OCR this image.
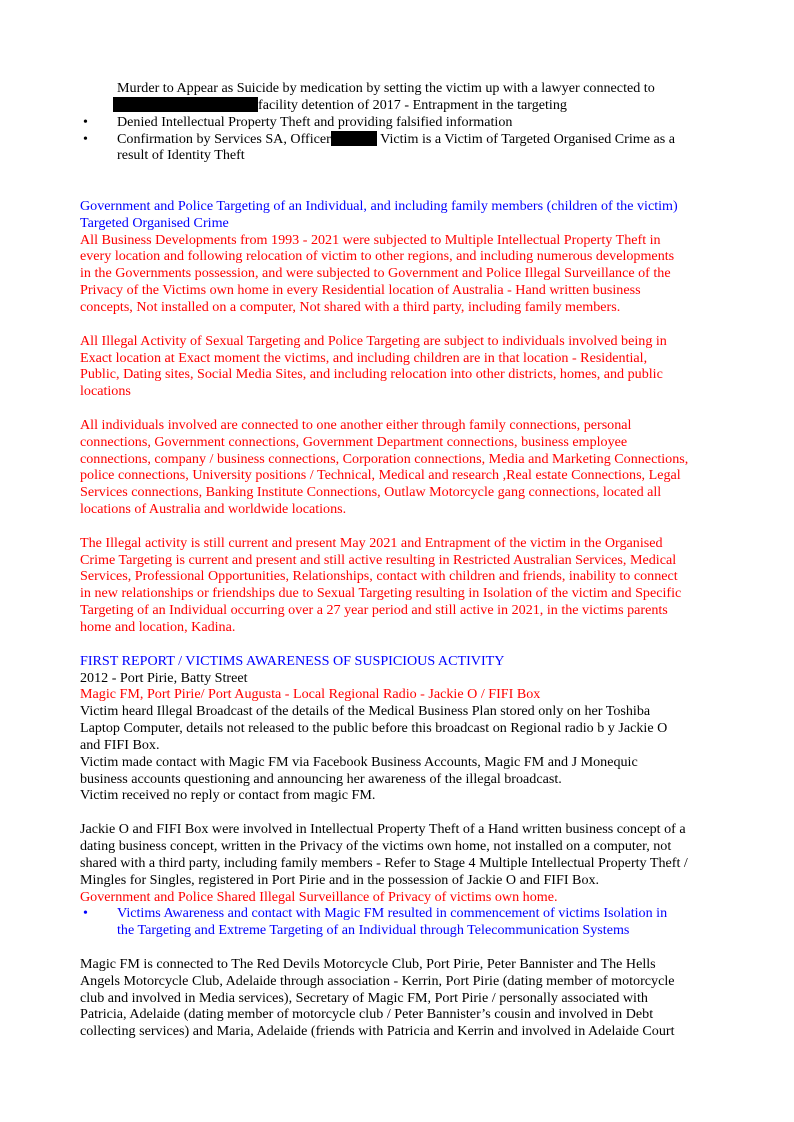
Murder to Appear as Suicide by medication by setting the victim up with a lawyer connected to
facility detention of 2017 - Entrapment in the targeting
• Denied Intellectual Property Theft and providing falsified information
• Confirmation by Services SA, Officer	Victim is a Victim of Targeted Organised Crime as a
result of Identity Theft
Government and Police Targeting of an Individual, and including family members (children of the victim)
Targeted Organised Crime
All Business Developments from 1993 - 2021 were subjected to Multiple Intellectual Property Theft in
every location and following relocation of victim to other regions, and including numerous developments
in the Governments possession, and were subjected to Government and Police Illegal Surveillance of the
Privacy of the Victims own home in every Residential location of Australia - Hand written business
concepts, Not installed on a computer, Not shared with a third party, including family members.
All Illegal Activity of Sexual Targeting and Police Targeting are subject to individuals involved being in
Exact location at Exact moment the victims, and including children are in that location - Residential,
Public, Dating sites, Social Media Sites, and including relocation into other districts, homes, and public
locations
All individuals involved are connected to one another either through family connections, personal
connections, Government connections, Government Department connections, business employee
connections, company / business connections, Corporation connections, Media and Marketing Connections,
police connections, University positions / Technical, Medical and research ,Real estate Connections, Legal
Services connections, Banking Institute Connections, Outlaw Motorcycle gang connections, located all
locations of Australia and worldwide locations.
The Illegal activity is still current and present May 2021 and Entrapment of the victim in the Organised
Crime Targeting is current and present and still active resulting in Restricted Australian Services, Medical
Services, Professional Opportunities, Relationships, contact with children and friends, inability to connect
in new relationships or friendships due to Sexual Targeting resulting in Isolation of the victim and Specific
Targeting of an Individual occurring over a 27 year period and still active in 2021, in the victims parents
home and location, Kadina.
FIRST REPORT / VICTIMS AWARENESS OF SUSPICIOUS ACTIVITY
2012 - Port Pirie, Batty Street
Magic FM, Port Pirie/ Port Augusta - Local Regional Radio - Jackie O / FIFI Box
Victim heard Illegal Broadcast of the details of the Medical Business Plan stored only on her Toshiba
Laptop Computer, details not released to the public before this broadcast on Regional radio b y Jackie O
and FIFI Box.
Victim made contact with Magic FM via Facebook Business Accounts, Magic FM and J Monequic
business accounts questioning and announcing her awareness of the illegal broadcast.
Victim received no reply or contact from magic FM.
Jackie O and FIFI Box were involved in Intellectual Property Theft of a Hand written business concept of a
dating business concept, written in the Privacy of the victims own home, not installed on a computer, not
shared with a third party, including family members - Refer to Stage 4 Multiple Intellectual Property Theft /
Mingles for Singles, registered in Port Pirie and in the possession of Jackie O and FIFI Box.
Government and Police Shared Illegal Surveillance of Privacy of victims own home.
• Victims Awareness and contact with Magic FM resulted in commencement of victims Isolation in
the Targeting and Extreme Targeting of an Individual through Telecommunication Systems
Magic FM is connected to The Red Devils Motorcycle Club, Port Pirie, Peter Bannister and The Hells
Angels Motorcycle Club, Adelaide through association - Kerrin, Port Pirie (dating member of motorcycle
club and involved in Media services), Secretary of Magic FM, Port Pirie / personally associated with
Patricia, Adelaide (dating member of motorcycle club / Peter Bannister’s cousin and involved in Debt
collecting services) and Maria, Adelaide (friends with Patricia and Kerrin and involved in Adelaide Court
